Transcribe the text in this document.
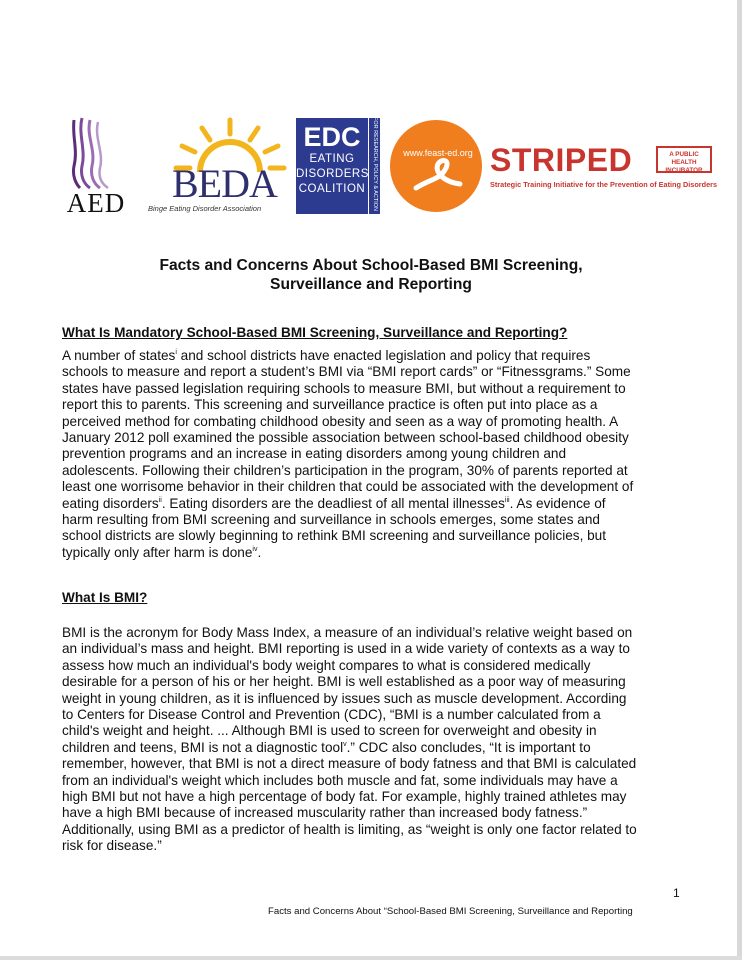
AED BEDA
Binge Eating Disorder Association
EDC
EATING
DISORDERS
COALITION	FOR RESEARCH, POLICY & ACTION	www.feast-ed.org STRIPED	A PUBLIC HEALTH
INCUBATOR
Strategic Training Initiative for the Prevention of Eating Disorders
Facts and Concerns About School-Based BMI Screening,
Surveillance and Reporting
What Is Mandatory School-Based BMI Screening, Surveillance and Reporting?
A number of states$^i$ and school districts have enacted legislation and policy that requires
schools to measure and report a student’s BMI via “BMI report cards” or “Fitnessgrams.” Some
states have passed legislation requiring schools to measure BMI, but without a requirement to
report this to parents. This screening and surveillance practice is often put into place as a
perceived method for combating childhood obesity and seen as a way of promoting health. A
January 2012 poll examined the possible association between school-based childhood obesity
prevention programs and an increase in eating disorders among young children and
adolescents. Following their children’s participation in the program, 30% of parents reported at
least one worrisome behavior in their children that could be associated with the development of
eating disorders$^{ii}$. Eating disorders are the deadliest of all mental illnesses$^{iii}$. As evidence of
harm resulting from BMI screening and surveillance in schools emerges, some states and
school districts are slowly beginning to rethink BMI screening and surveillance policies, but
typically only after harm is done$^{iv}$.
What Is BMI?
BMI is the acronym for Body Mass Index, a measure of an individual’s relative weight based on
an individual’s mass and height. BMI reporting is used in a wide variety of contexts as a way to
assess how much an individual's body weight compares to what is considered medically
desirable for a person of his or her height. BMI is well established as a poor way of measuring
weight in young children, as it is influenced by issues such as muscle development. According
to Centers for Disease Control and Prevention (CDC), “BMI is a number calculated from a
child's weight and height. ... Although BMI is used to screen for overweight and obesity in
children and teens, BMI is not a diagnostic tool$^v$.” CDC also concludes, “It is important to
remember, however, that BMI is not a direct measure of body fatness and that BMI is calculated
from an individual's weight which includes both muscle and fat, some individuals may have a
high BMI but not have a high percentage of body fat. For example, highly trained athletes may
have a high BMI because of increased muscularity rather than increased body fatness.”
Additionally, using BMI as a predictor of health is limiting, as “weight is only one factor related to
risk for disease.”
1
Facts and Concerns About “School-Based BMI Screening, Surveillance and Reporting
